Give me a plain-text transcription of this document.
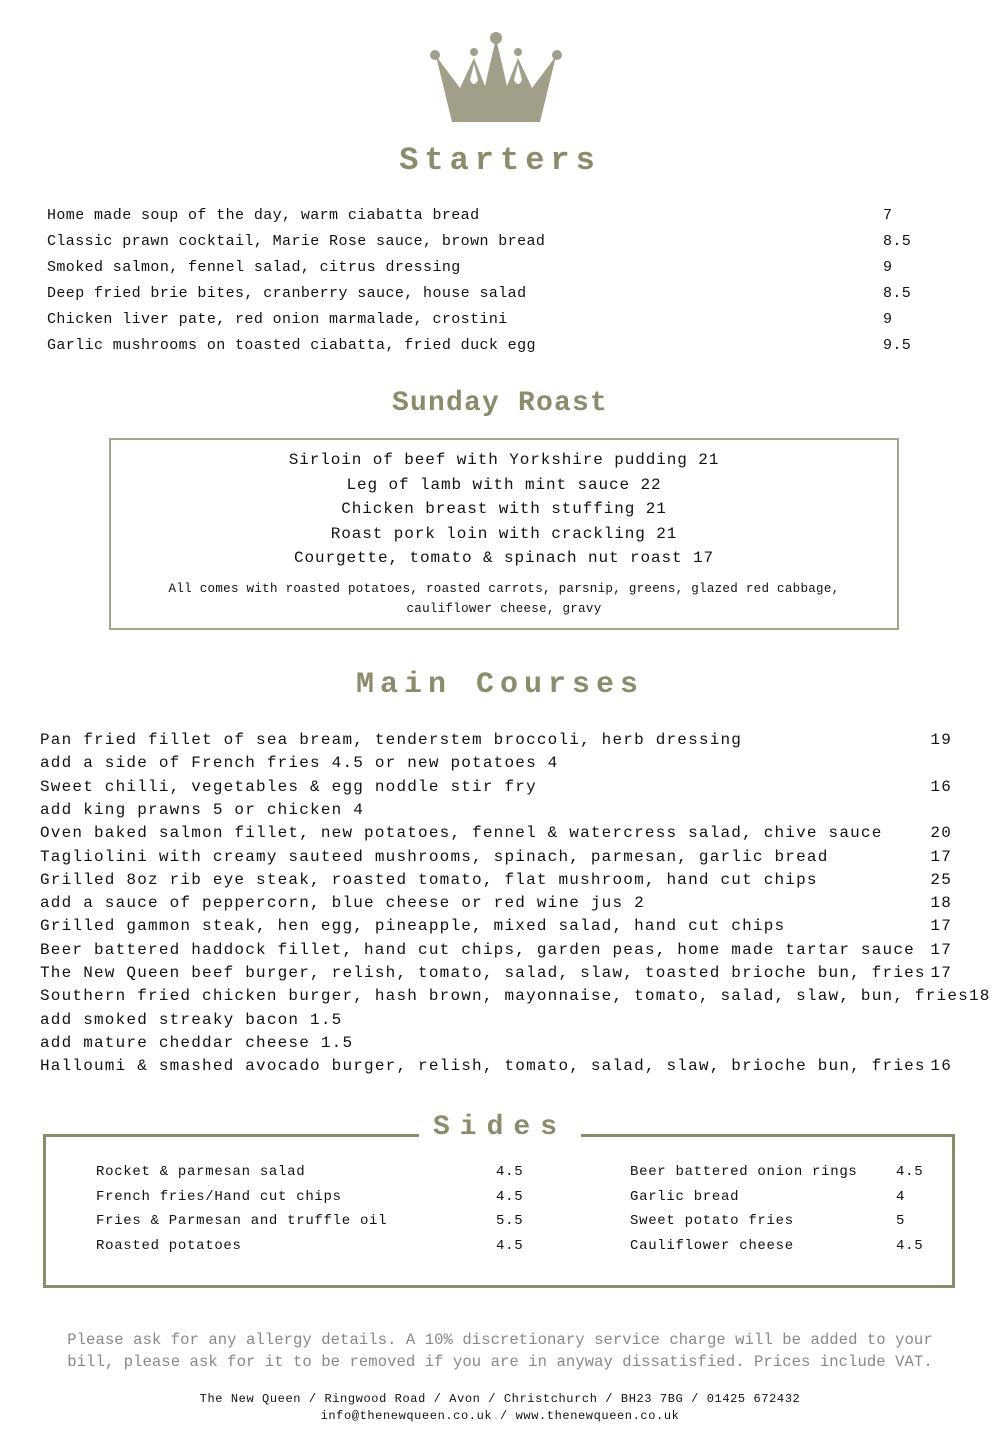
Starters
Home made soup of the day, warm ciabatta bread	7
Classic prawn cocktail, Marie Rose sauce, brown bread	8.5
Smoked salmon, fennel salad, citrus dressing	9
Deep fried brie bites, cranberry sauce, house salad	8.5
Chicken liver pate, red onion marmalade, crostini	9
Garlic mushrooms on toasted ciabatta, fried duck egg	9.5
Sunday Roast
Sirloin of beef with Yorkshire pudding 21
Leg of lamb with mint sauce 22
Chicken breast with stuffing 21
Roast pork loin with crackling 21
Courgette, tomato & spinach nut roast 17
All comes with roasted potatoes, roasted carrots, parsnip, greens, glazed red cabbage, cauliflower cheese, gravy
Main Courses
Pan fried fillet of sea bream, tenderstem broccoli, herb dressing	19
add a side of French fries 4.5 or new potatoes 4
Sweet chilli, vegetables & egg noddle stir fry	16
add king prawns 5 or chicken 4
Oven baked salmon fillet, new potatoes, fennel & watercress salad, chive sauce	20
Tagliolini with creamy sauteed mushrooms, spinach, parmesan, garlic bread	17
Grilled 8oz rib eye steak, roasted tomato, flat mushroom, hand cut chips	25
add a sauce of peppercorn, blue cheese or red wine jus 2	18
Grilled gammon steak, hen egg, pineapple, mixed salad, hand cut chips	17
Beer battered haddock fillet, hand cut chips, garden peas, home made tartar sauce 17
The New Queen beef burger, relish, tomato, salad, slaw, toasted brioche bun, fries 17
Southern fried chicken burger, hash brown, mayonnaise, tomato, salad, slaw, bun, fries 18
add smoked streaky bacon 1.5
add mature cheddar cheese 1.5
Halloumi & smashed avocado burger, relish, tomato, salad, slaw, brioche bun, fries 16
Sides
Rocket & parmesan salad	4.5
French fries/Hand cut chips	4.5
Fries & Parmesan and truffle oil	5.5
Roasted potatoes	4.5
Beer battered onion rings	4.5
Garlic bread	4
Sweet potato fries	5
Cauliflower cheese	4.5
Please ask for any allergy details. A 10% discretionary service charge will be added to your
bill, please ask for it to be removed if you are in anyway dissatisfied. Prices include VAT.
The New Queen / Ringwood Road / Avon / Christchurch / BH23 7BG / 01425 672432
info@thenewqueen.co.uk / www.thenewqueen.co.uk
